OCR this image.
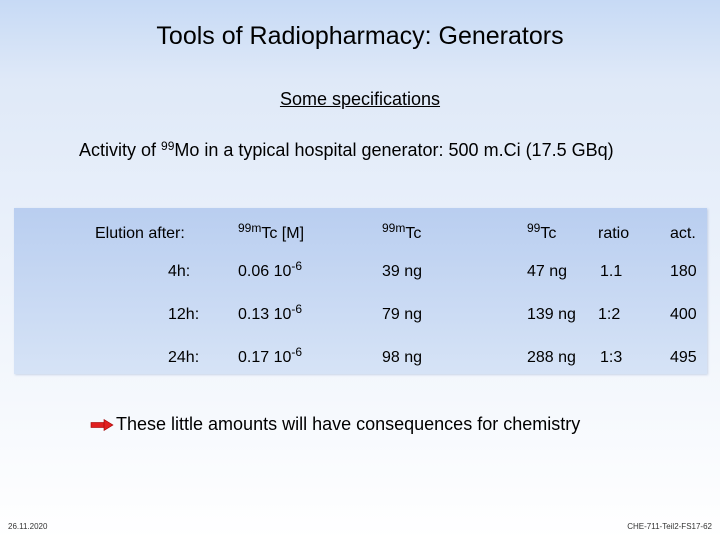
Tools of Radiopharmacy: Generators
Some specifications
Activity of $^{99}$Mo in a typical hospital generator: 500 m.Ci (17.5 GBq)
Elution after:	$^{99m}$Tc [M]	$^{99m}$Tc	$^{99}$Tc	ratio	act.
4h:	0.06 $10^{-6}$	39 ng	47 ng 1.1	180
12h: 0.13 $10^{-6}$	79 ng	139 ng 1:2	400
24h: 0.17 $10^{-6}$	98 ng	288 ng 1:3	495
These little amounts will have consequences for chemistry
26.11.2020	CHE-711-Teil2-FS17-62
